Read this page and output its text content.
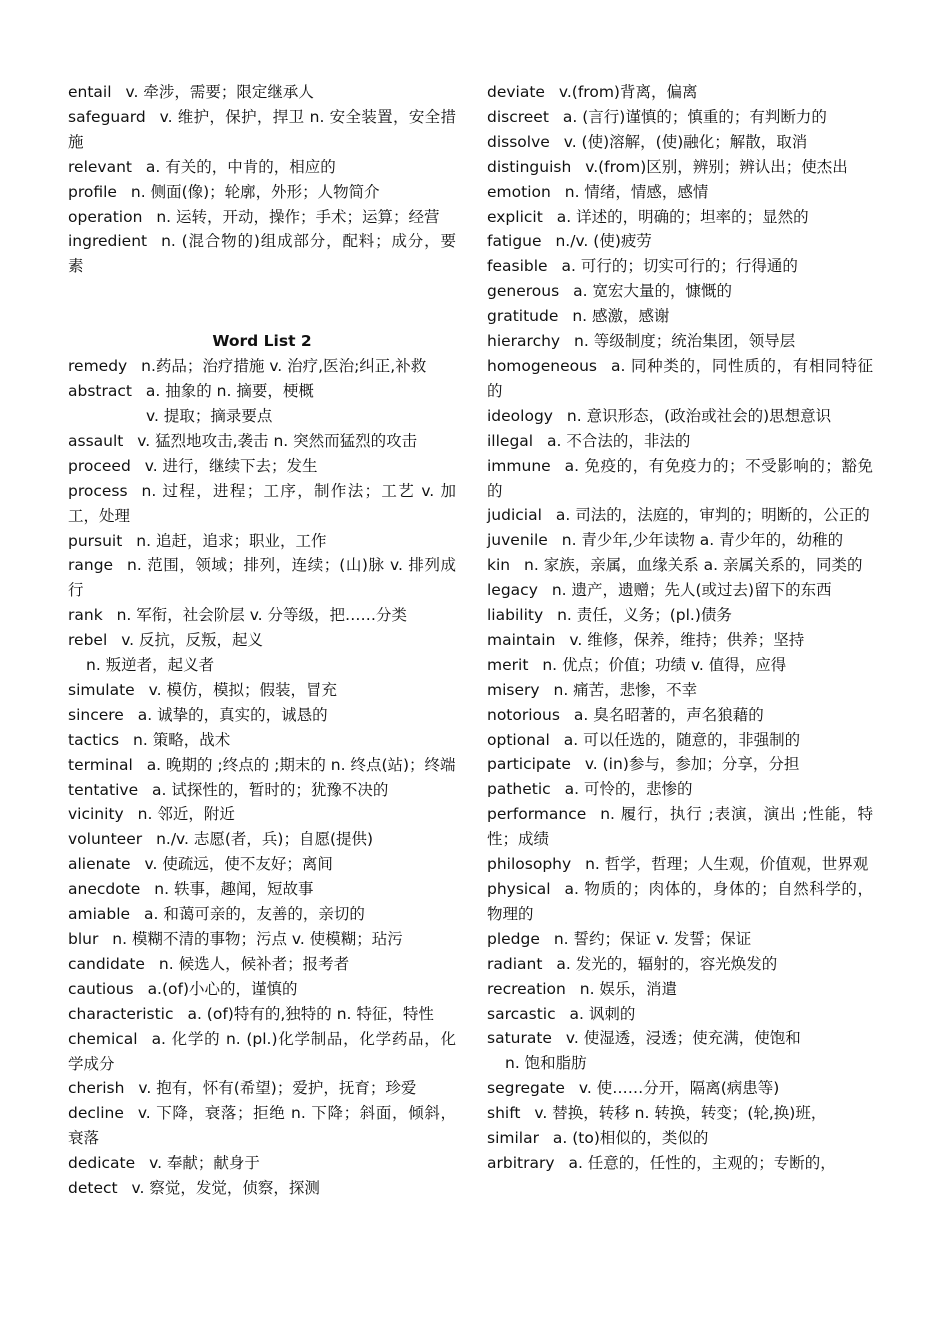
entail v. 牵涉，需要；限定继承人
safeguard v. 维护，保护，捍卫 n. 安全装置，安全措施
relevant a. 有关的，中肯的，相应的
profile n. 侧面(像)；轮廓，外形；人物简介
operation n. 运转，开动，操作；手术；运算；经营
ingredient n. (混合物的)组成部分，配料；成分，要素
Word List 2
remedy n.药品；治疗措施 v. 治疗,医治;纠正,补救
abstract a. 抽象的 n. 摘要，梗概
v. 提取；摘录要点
assault v. 猛烈地攻击,袭击 n. 突然而猛烈的攻击
proceed v. 进行，继续下去；发生
process n. 过程，进程；工序，制作法；工艺 v. 加工，处理
pursuit n. 追赶，追求；职业，工作
range n. 范围，领域；排列，连续；(山)脉 v. 排列成行
rank n. 军衔，社会阶层 v. 分等级，把……分类
rebel v. 反抗，反叛，起义
n. 叛逆者，起义者
simulate v. 模仿，模拟；假装，冒充
sincere a. 诚挚的，真实的，诚恳的
tactics n. 策略，战术
terminal a. 晚期的 ;终点的 ;期末的 n. 终点(站)；终端
tentative a. 试探性的，暂时的；犹豫不决的
vicinity n. 邻近，附近
volunteer n./v. 志愿(者，兵)；自愿(提供)
alienate v. 使疏远，使不友好；离间
anecdote n. 轶事，趣闻，短故事
amiable a. 和蔼可亲的，友善的，亲切的
blur n. 模糊不清的事物；污点 v. 使模糊；玷污
candidate n. 候选人，候补者；报考者
cautious a.(of)小心的，谨慎的
characteristic a. (of)特有的,独特的 n. 特征，特性
chemical a. 化学的 n. (pl.)化学制品，化学药品，化学成分
cherish v. 抱有，怀有(希望)；爱护，抚育；珍爱
decline v. 下降，衰落；拒绝 n. 下降；斜面，倾斜，衰落
dedicate v. 奉献；献身于
detect v. 察觉，发觉，侦察，探测
deviate v.(from)背离，偏离
discreet a. (言行)谨慎的；慎重的；有判断力的
dissolve v. (使)溶解，(使)融化；解散，取消
distinguish v.(from)区别，辨别；辨认出；使杰出
emotion n. 情绪，情感，感情
explicit a. 详述的，明确的；坦率的；显然的
fatigue n./v. (使)疲劳
feasible a. 可行的；切实可行的；行得通的
generous a. 宽宏大量的，慷慨的
gratitude n. 感激，感谢
hierarchy n. 等级制度；统治集团，领导层
homogeneous a. 同种类的，同性质的，有相同特征的
ideology n. 意识形态，(政治或社会的)思想意识
illegal a. 不合法的，非法的
immune a. 免疫的，有免疫力的；不受影响的；豁免的
judicial a. 司法的，法庭的，审判的；明断的，公正的
juvenile n. 青少年,少年读物 a. 青少年的，幼稚的
kin n. 家族，亲属，血缘关系 a. 亲属关系的，同类的
legacy n. 遗产，遗赠；先人(或过去)留下的东西
liability n. 责任，义务；(pl.)债务
maintain v. 维修，保养，维持；供养；坚持
merit n. 优点；价值；功绩 v. 值得，应得
misery n. 痛苦，悲惨，不幸
notorious a. 臭名昭著的，声名狼藉的
optional a. 可以任选的，随意的，非强制的
participate v. (in)参与，参加；分享，分担
pathetic a. 可怜的，悲惨的
performance n. 履行，执行 ;表演，演出 ;性能，特性；成绩
philosophy n. 哲学，哲理；人生观，价值观，世界观
physical a. 物质的；肉体的，身体的；自然科学的，物理的
pledge n. 誓约；保证 v. 发誓；保证
radiant a. 发光的，辐射的，容光焕发的
recreation n. 娱乐，消遣
sarcastic a. 讽刺的
saturate v. 使湿透，浸透；使充满，使饱和
n. 饱和脂肪
segregate v. 使……分开，隔离(病患等)
shift v. 替换，转移 n. 转换，转变；(轮,换)班，
similar a. (to)相似的，类似的
arbitrary a. 任意的，任性的，主观的；专断的，
